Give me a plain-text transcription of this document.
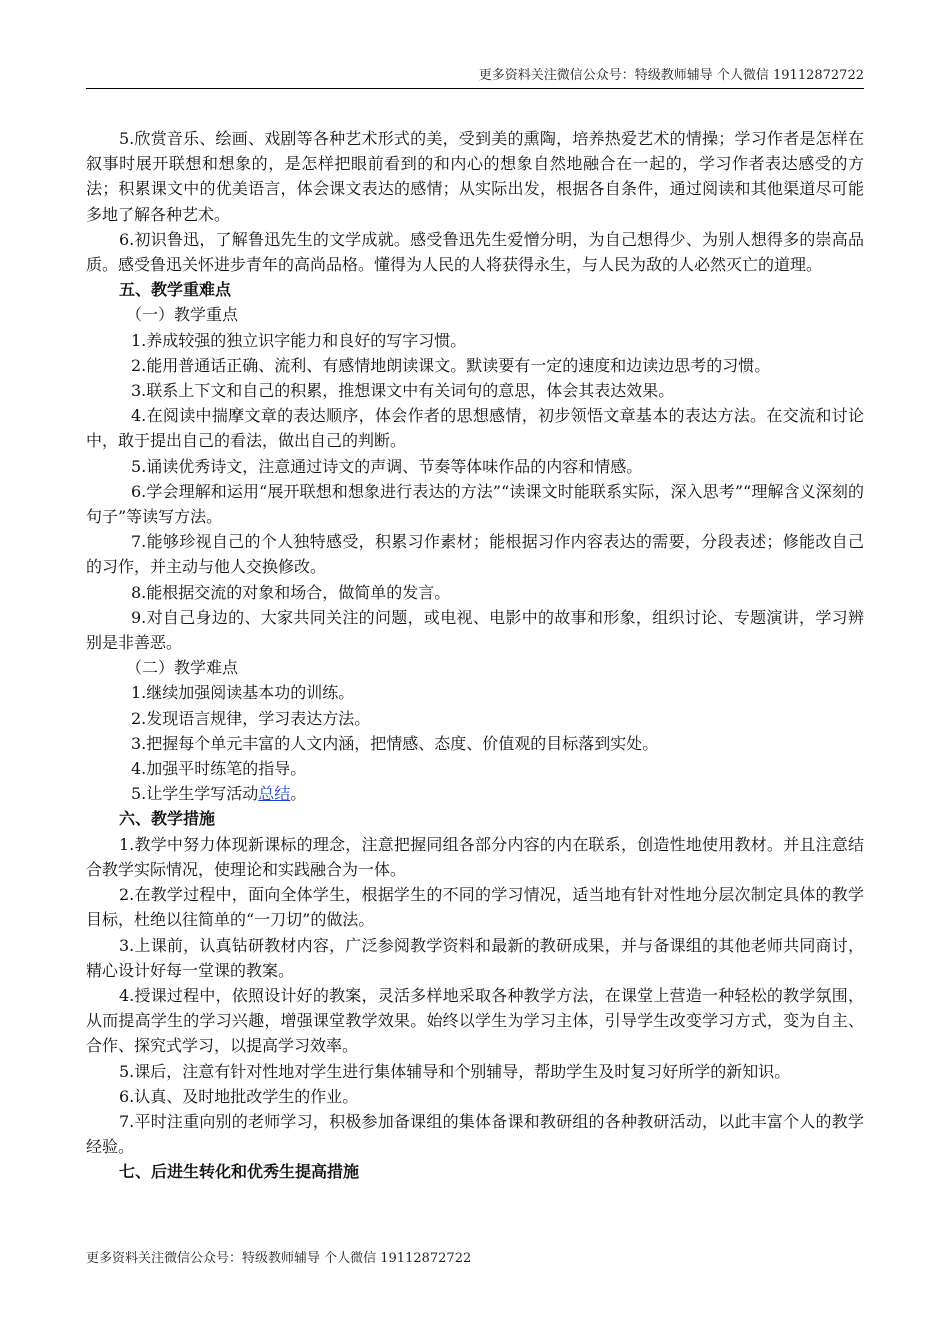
更多资料关注微信公众号：特级教师辅导 个人微信 19112872722

5.欣赏音乐、绘画、戏剧等各种艺术形式的美，受到美的熏陶，培养热爱艺术的情操；学习作者是怎样在叙事时展开联想和想象的，是怎样把眼前看到的和内心的想象自然地融合在一起的，学习作者表达感受的方法；积累课文中的优美语言，体会课文表达的感情；从实际出发，根据各自条件，通过阅读和其他渠道尽可能多地了解各种艺术。

6.初识鲁迅，了解鲁迅先生的文学成就。感受鲁迅先生爱憎分明，为自己想得少、为别人想得多的崇高品质。感受鲁迅关怀进步青年的高尚品格。懂得为人民的人将获得永生，与人民为敌的人必然灭亡的道理。

五、教学重难点

（一）教学重点

1.养成较强的独立识字能力和良好的写字习惯。

2.能用普通话正确、流利、有感情地朗读课文。默读要有一定的速度和边读边思考的习惯。

3.联系上下文和自己的积累，推想课文中有关词句的意思，体会其表达效果。

4.在阅读中揣摩文章的表达顺序，体会作者的思想感情，初步领悟文章基本的表达方法。在交流和讨论中，敢于提出自己的看法，做出自己的判断。

5.诵读优秀诗文，注意通过诗文的声调、节奏等体味作品的内容和情感。

6.学会理解和运用“展开联想和想象进行表达的方法”“读课文时能联系实际，深入思考”“理解含义深刻的句子”等读写方法。

7.能够珍视自己的个人独特感受，积累习作素材；能根据习作内容表达的需要，分段表述；修能改自己的习作，并主动与他人交换修改。

8.能根据交流的对象和场合，做简单的发言。

9.对自己身边的、大家共同关注的问题，或电视、电影中的故事和形象，组织讨论、专题演讲，学习辨别是非善恶。

（二）教学难点

1.继续加强阅读基本功的训练。

2.发现语言规律，学习表达方法。

3.把握每个单元丰富的人文内涵，把情感、态度、价值观的目标落到实处。

4.加强平时练笔的指导。

5.让学生学写活动总结。

六、教学措施

1.教学中努力体现新课标的理念，注意把握同组各部分内容的内在联系，创造性地使用教材。并且注意结合教学实际情况，使理论和实践融合为一体。

2.在教学过程中，面向全体学生，根据学生的不同的学习情况，适当地有针对性地分层次制定具体的教学目标，杜绝以往简单的“一刀切”的做法。

3.上课前，认真钻研教材内容，广泛参阅教学资料和最新的教研成果，并与备课组的其他老师共同商讨，精心设计好每一堂课的教案。

4.授课过程中，依照设计好的教案，灵活多样地采取各种教学方法，在课堂上营造一种轻松的教学氛围，从而提高学生的学习兴趣，增强课堂教学效果。始终以学生为学习主体，引导学生改变学习方式，变为自主、合作、探究式学习，以提高学习效率。

5.课后，注意有针对性地对学生进行集体辅导和个别辅导，帮助学生及时复习好所学的新知识。

6.认真、及时地批改学生的作业。

7.平时注重向别的老师学习，积极参加备课组的集体备课和教研组的各种教研活动，以此丰富个人的教学经验。

七、后进生转化和优秀生提高措施

更多资料关注微信公众号：特级教师辅导 个人微信 19112872722
